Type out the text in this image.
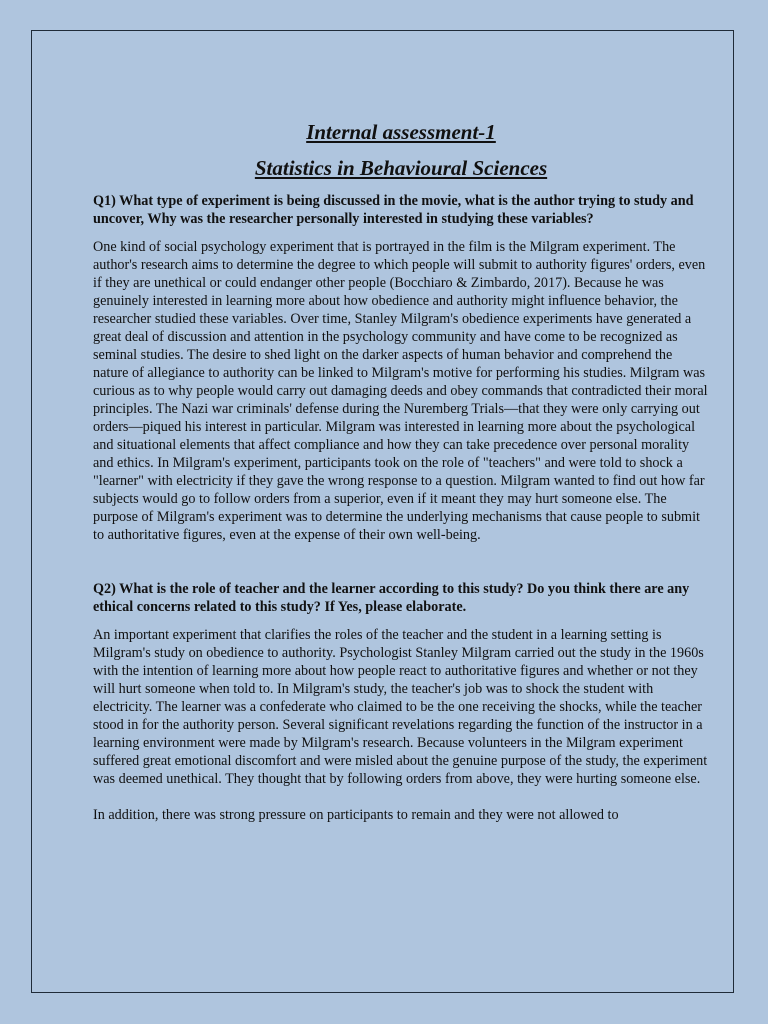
Internal assessment-1
Statistics in Behavioural Sciences

Q1) What type of experiment is being discussed in the movie, what is the author trying to study and uncover, Why was the researcher personally interested in studying these variables?

One kind of social psychology experiment that is portrayed in the film is the Milgram experiment. The author's research aims to determine the degree to which people will submit to authority figures' orders, even if they are unethical or could endanger other people (Bocchiaro & Zimbardo, 2017). Because he was genuinely interested in learning more about how obedience and authority might influence behavior, the researcher studied these variables. Over time, Stanley Milgram's obedience experiments have generated a great deal of discussion and attention in the psychology community and have come to be recognized as seminal studies. The desire to shed light on the darker aspects of human behavior and comprehend the nature of allegiance to authority can be linked to Milgram's motive for performing his studies. Milgram was curious as to why people would carry out damaging deeds and obey commands that contradicted their moral principles. The Nazi war criminals' defense during the Nuremberg Trials—that they were only carrying out orders—piqued his interest in particular. Milgram was interested in learning more about the psychological and situational elements that affect compliance and how they can take precedence over personal morality and ethics. In Milgram's experiment, participants took on the role of "teachers" and were told to shock a "learner" with electricity if they gave the wrong response to a question. Milgram wanted to find out how far subjects would go to follow orders from a superior, even if it meant they may hurt someone else. The purpose of Milgram's experiment was to determine the underlying mechanisms that cause people to submit to authoritative figures, even at the expense of their own well-being.

Q2) What is the role of teacher and the learner according to this study? Do you think there are any ethical concerns related to this study? If Yes, please elaborate.

An important experiment that clarifies the roles of the teacher and the student in a learning setting is Milgram's study on obedience to authority. Psychologist Stanley Milgram carried out the study in the 1960s with the intention of learning more about how people react to authoritative figures and whether or not they will hurt someone when told to. In Milgram's study, the teacher's job was to shock the student with electricity. The learner was a confederate who claimed to be the one receiving the shocks, while the teacher stood in for the authority person. Several significant revelations regarding the function of the instructor in a learning environment were made by Milgram's research. Because volunteers in the Milgram experiment suffered great emotional discomfort and were misled about the genuine purpose of the study, the experiment was deemed unethical. They thought that by following orders from above, they were hurting someone else.

In addition, there was strong pressure on participants to remain and they were not allowed to
